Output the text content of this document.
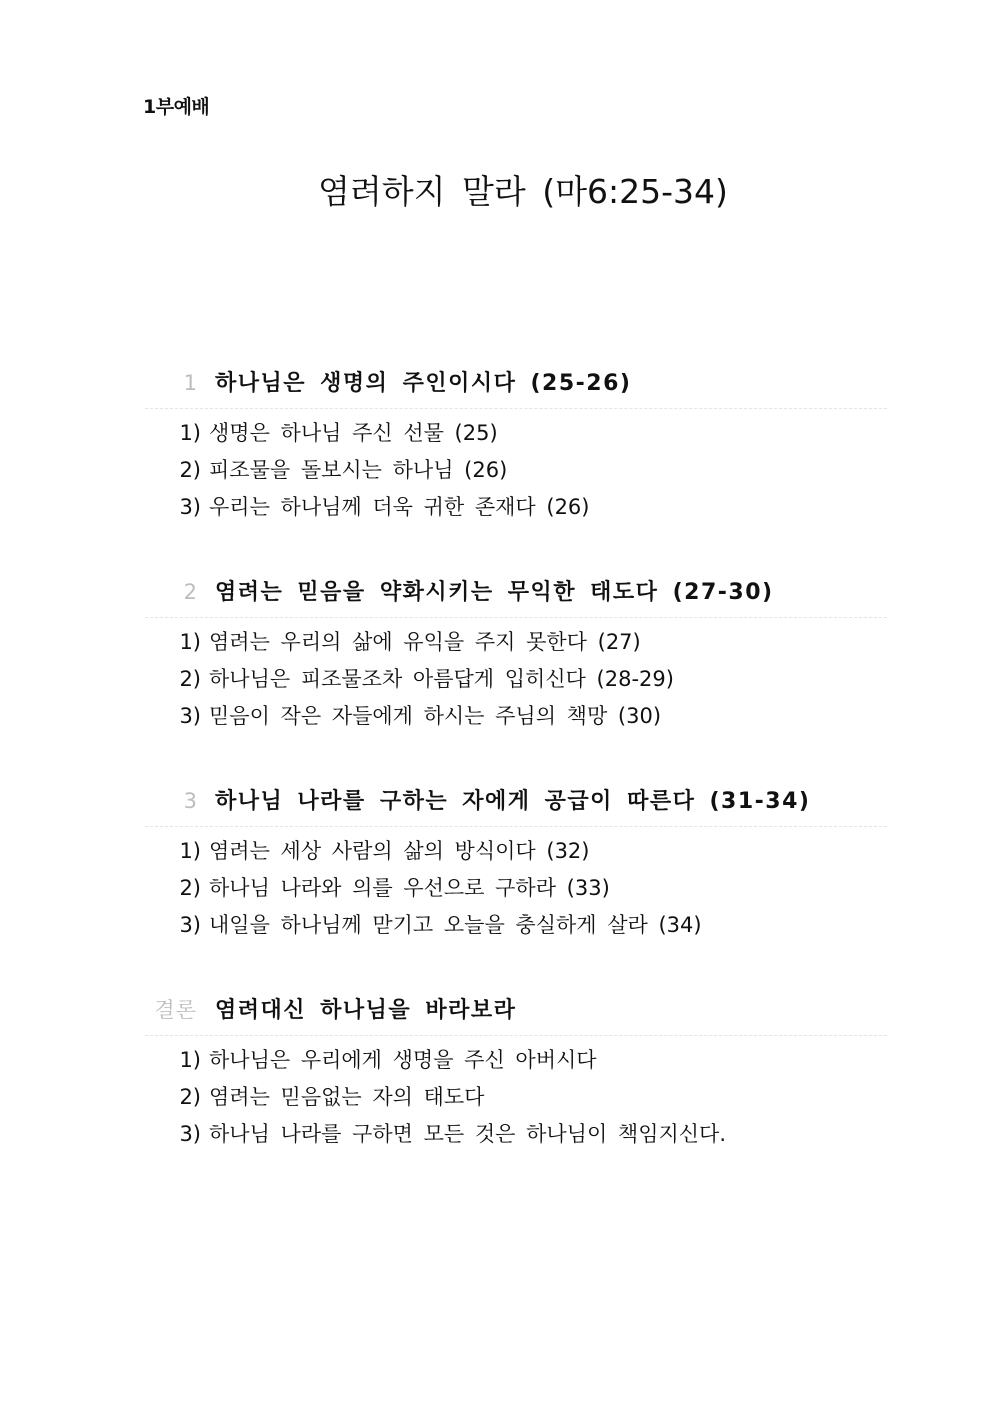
1부예배
염려하지 말라 (마6:25-34)
1 하나님은 생명의 주인이시다 (25-26)
1) 생명은 하나님 주신 선물 (25)
2) 피조물을 돌보시는 하나님 (26)
3) 우리는 하나님께 더욱 귀한 존재다 (26)
2 염려는 믿음을 약화시키는 무익한 태도다 (27-30)
1) 염려는 우리의 삶에 유익을 주지 못한다 (27)
2) 하나님은 피조물조차 아름답게 입히신다 (28-29)
3) 믿음이 작은 자들에게 하시는 주님의 책망 (30)
3 하나님 나라를 구하는 자에게 공급이 따른다 (31-34)
1) 염려는 세상 사람의 삶의 방식이다 (32)
2) 하나님 나라와 의를 우선으로 구하라 (33)
3) 내일을 하나님께 맏기고 오늘을 충실하게 살라 (34)
결론 염려대신 하나님을 바라보라
1) 하나님은 우리에게 생명을 주신 아버시다
2) 염려는 믿음없는 자의 태도다
3) 하나님 나라를 구하면 모든 것은 하나님이 책임지신다.
